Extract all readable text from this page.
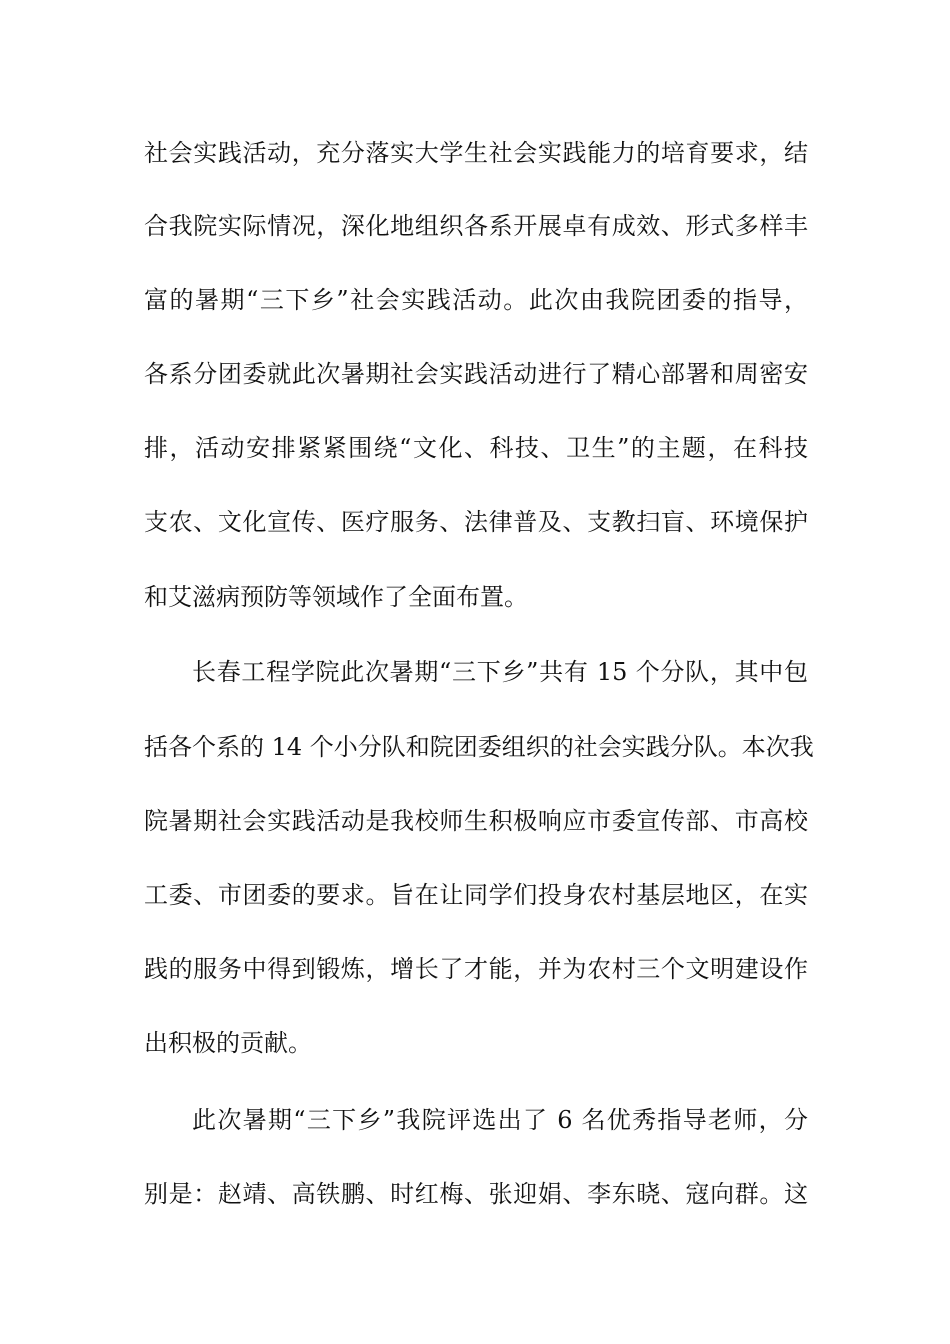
社会实践活动，充分落实大学生社会实践能力的培育要求，结
合我院实际情况，深化地组织各系开展卓有成效、形式多样丰
富的暑期“三下乡”社会实践活动。此次由我院团委的指导，
各系分团委就此次暑期社会实践活动进行了精心部署和周密安
排，活动安排紧紧围绕“文化、科技、卫生”的主题，在科技
支农、文化宣传、医疗服务、法律普及、支教扫盲、环境保护
和艾滋病预防等领域作了全面布置。
长春工程学院此次暑期“三下乡”共有 15 个分队，其中包
括各个系的 14 个小分队和院团委组织的社会实践分队。本次我
院暑期社会实践活动是我校师生积极响应市委宣传部、市高校
工委、市团委的要求。旨在让同学们投身农村基层地区，在实
践的服务中得到锻炼，增长了才能，并为农村三个文明建设作
出积极的贡献。
此次暑期“三下乡”我院评选出了 6 名优秀指导老师，分
别是：赵靖、高铁鹏、时红梅、张迎娟、李东晓、寇向群。这
